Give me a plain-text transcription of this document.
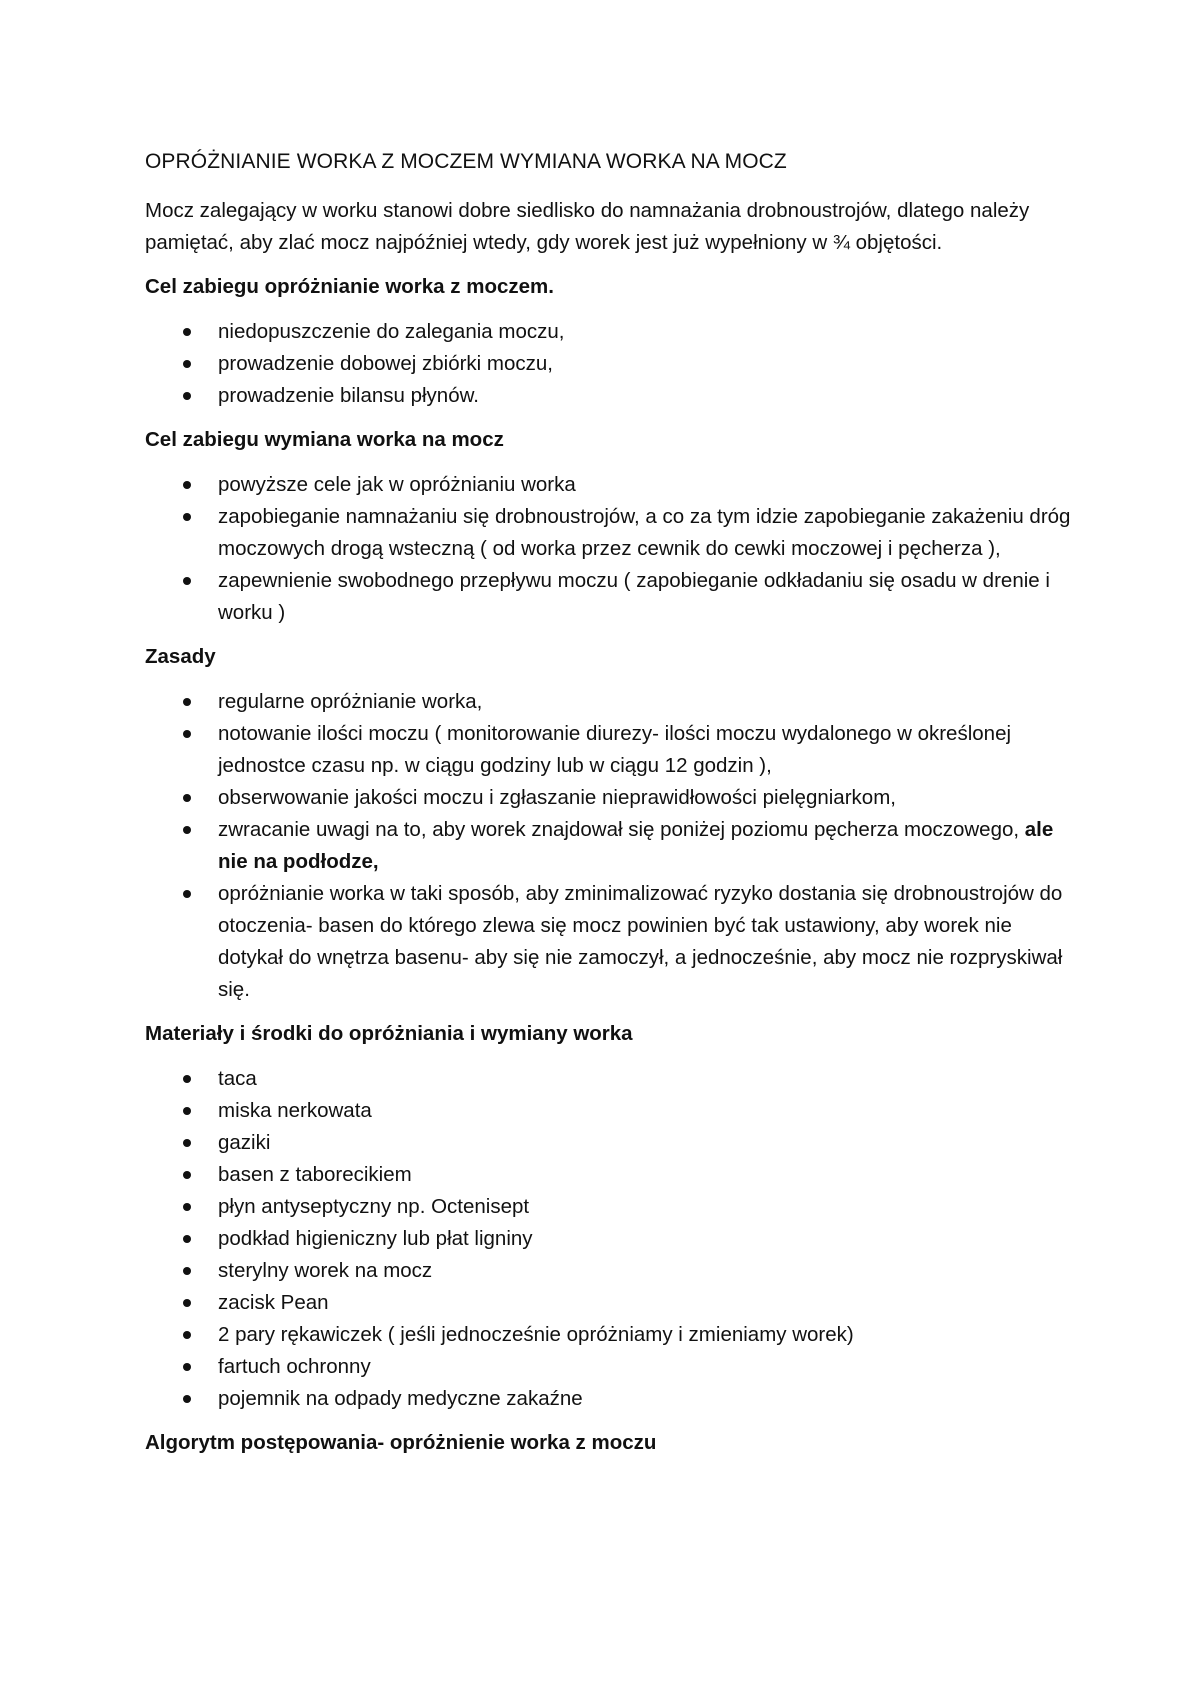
OPRÓŻNIANIE WORKA Z MOCZEM WYMIANA WORKA NA MOCZ

Mocz zalegający w worku stanowi dobre siedlisko do namnażania drobnoustrojów, dlatego należy pamiętać, aby zlać mocz najpóźniej wtedy, gdy worek jest już wypełniony w ¾ objętości.

Cel zabiegu opróżnianie worka z moczem.
niedopuszczenie do zalegania moczu,
prowadzenie dobowej zbiórki moczu,
prowadzenie bilansu płynów.
Cel zabiegu wymiana worka na mocz
powyższe cele jak w opróżnianiu worka
zapobieganie namnażaniu się drobnoustrojów, a co za tym idzie zapobieganie zakażeniu dróg moczowych drogą wsteczną ( od worka przez cewnik do cewki moczowej i pęcherza ),
zapewnienie swobodnego przepływu moczu ( zapobieganie odkładaniu się osadu w drenie i worku )
Zasady
regularne opróżnianie worka,
notowanie ilości moczu ( monitorowanie diurezy- ilości moczu wydalonego w określonej jednostce czasu np. w ciągu godziny lub w ciągu 12 godzin ),
obserwowanie jakości moczu i zgłaszanie nieprawidłowości pielęgniarkom,
zwracanie uwagi na to, aby worek znajdował się poniżej poziomu pęcherza moczowego, ale nie na podłodze,
opróżnianie worka w taki sposób, aby zminimalizować ryzyko dostania się drobnoustrojów do otoczenia- basen do którego zlewa się mocz powinien być tak ustawiony, aby worek nie dotykał do wnętrza basenu- aby się nie zamoczył, a jednocześnie, aby mocz nie rozpryskiwał się.
Materiały i środki do opróżniania i wymiany worka
taca
miska nerkowata
gaziki
basen z taborecikiem
płyn antyseptyczny np. Octenisept
podkład higieniczny lub płat ligniny
sterylny worek na mocz
zacisk Pean
2 pary rękawiczek ( jeśli jednocześnie opróżniamy i zmieniamy worek)
fartuch ochronny
pojemnik na odpady medyczne zakaźne
Algorytm postępowania- opróżnienie worka z moczu
